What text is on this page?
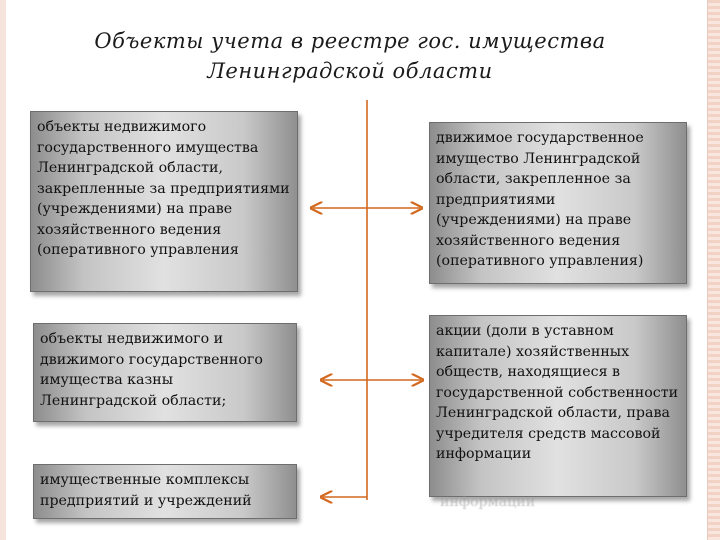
Объекты учета в реестре гос. имущества
Ленинградской области
объекты недвижимого государственного имущества Ленинградской области, закрепленные за предприятиями (учреждениями) на праве хозяйственного ведения (оперативного управления
объекты недвижимого и движимого государственного имущества казны Ленинградской области;
имущественные комплексы предприятий и учреждений
движимое государственное имущество Ленинградской области, закрепленное за предприятиями (учреждениями) на праве хозяйственного ведения (оперативного управления)
акции (доли в уставном капитале) хозяйственных обществ, находящиеся в государственной собственности Ленинградской области, права учредителя средств массовой информации
информации
